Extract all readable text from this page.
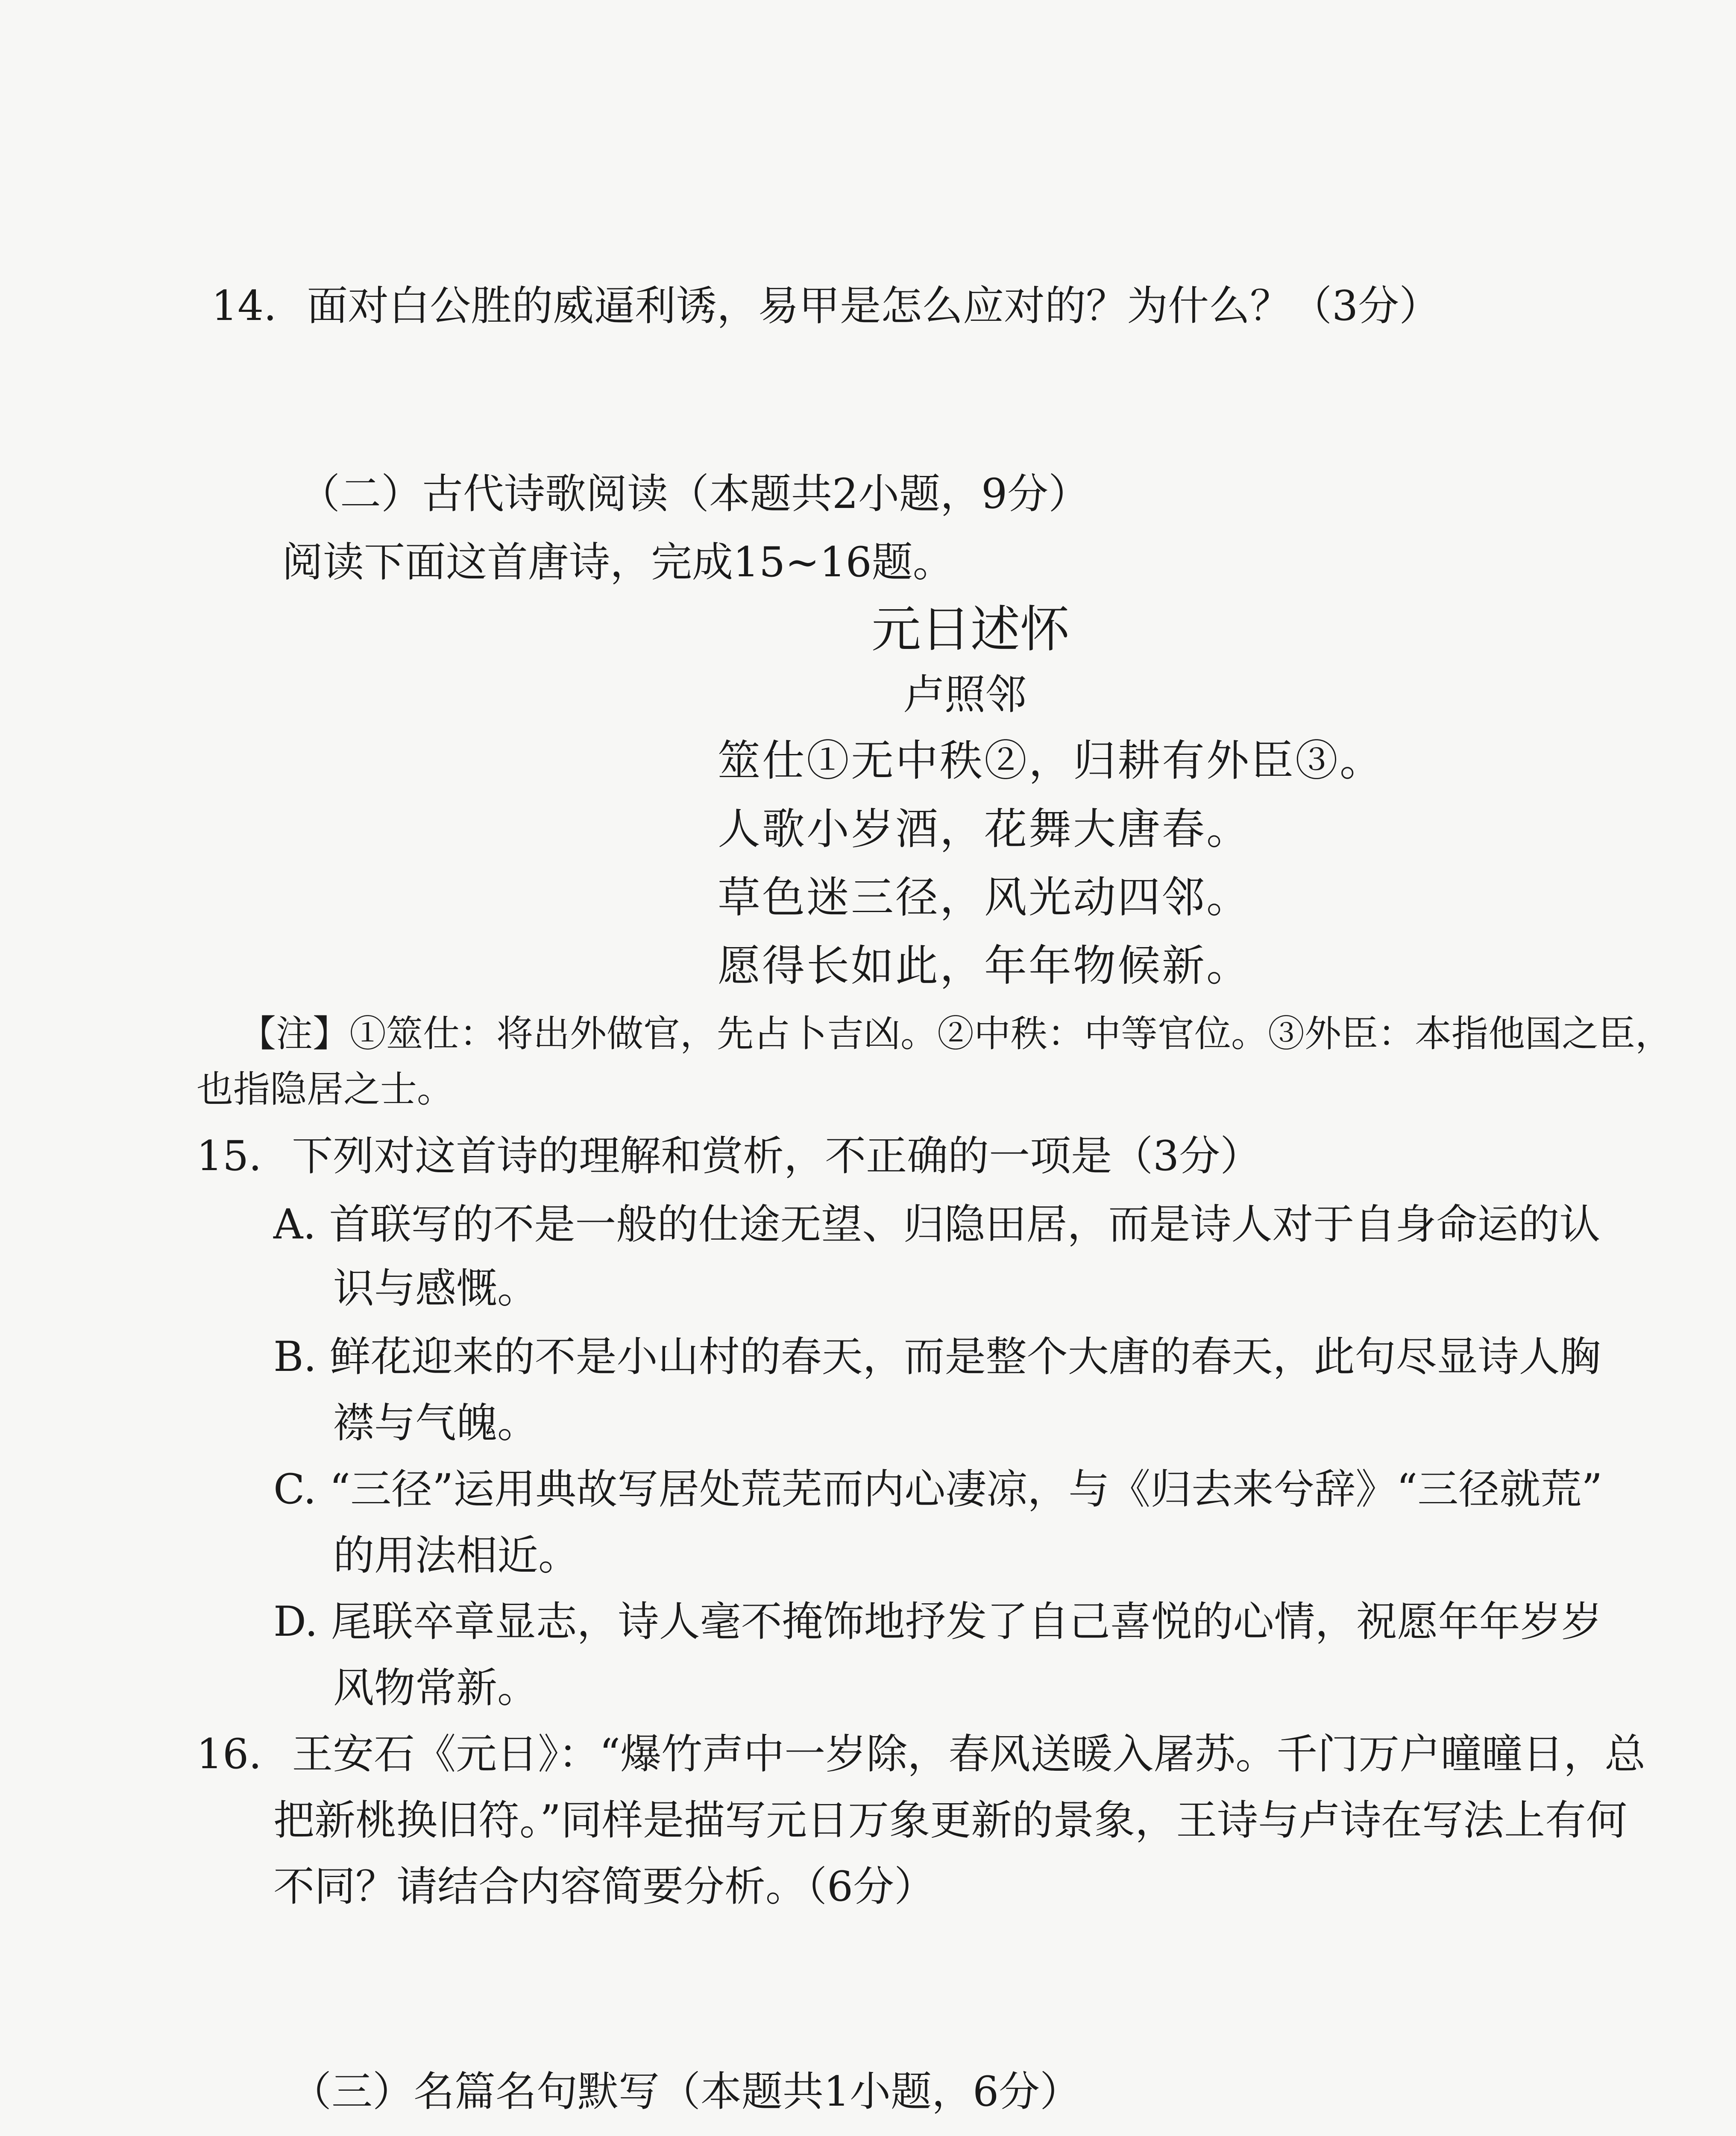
14. 面对白公胜的威逼利诱，易甲是怎么应对的？为什么？（3分）
（二）古代诗歌阅读（本题共2小题，9分）
阅读下面这首唐诗，完成15~16题。
元日述怀
卢照邻
筮仕①无中秩②，归耕有外臣③。
人歌小岁酒，花舞大唐春。
草色迷三径，风光动四邻。
愿得长如此，年年物候新。
【注】①筮仕：将出外做官，先占卜吉凶。②中秩：中等官位。③外臣：本指他国之臣，
也指隐居之士。
15. 下列对这首诗的理解和赏析，不正确的一项是（3分）
A. 首联写的不是一般的仕途无望、归隐田居，而是诗人对于自身命运的认
识与感慨。
B. 鲜花迎来的不是小山村的春天，而是整个大唐的春天，此句尽显诗人胸
襟与气魄。
C. “三径”运用典故写居处荒芜而内心凄凉，与《归去来兮辞》“三径就荒”
的用法相近。
D. 尾联卒章显志，诗人毫不掩饰地抒发了自己喜悦的心情，祝愿年年岁岁
风物常新。
16. 王安石《元日》：“爆竹声中一岁除，春风送暖入屠苏。千门万户曈曈日，总
把新桃换旧符。”同样是描写元日万象更新的景象，王诗与卢诗在写法上有何
不同？请结合内容简要分析。（6分）
（三）名篇名句默写（本题共1小题，6分）
